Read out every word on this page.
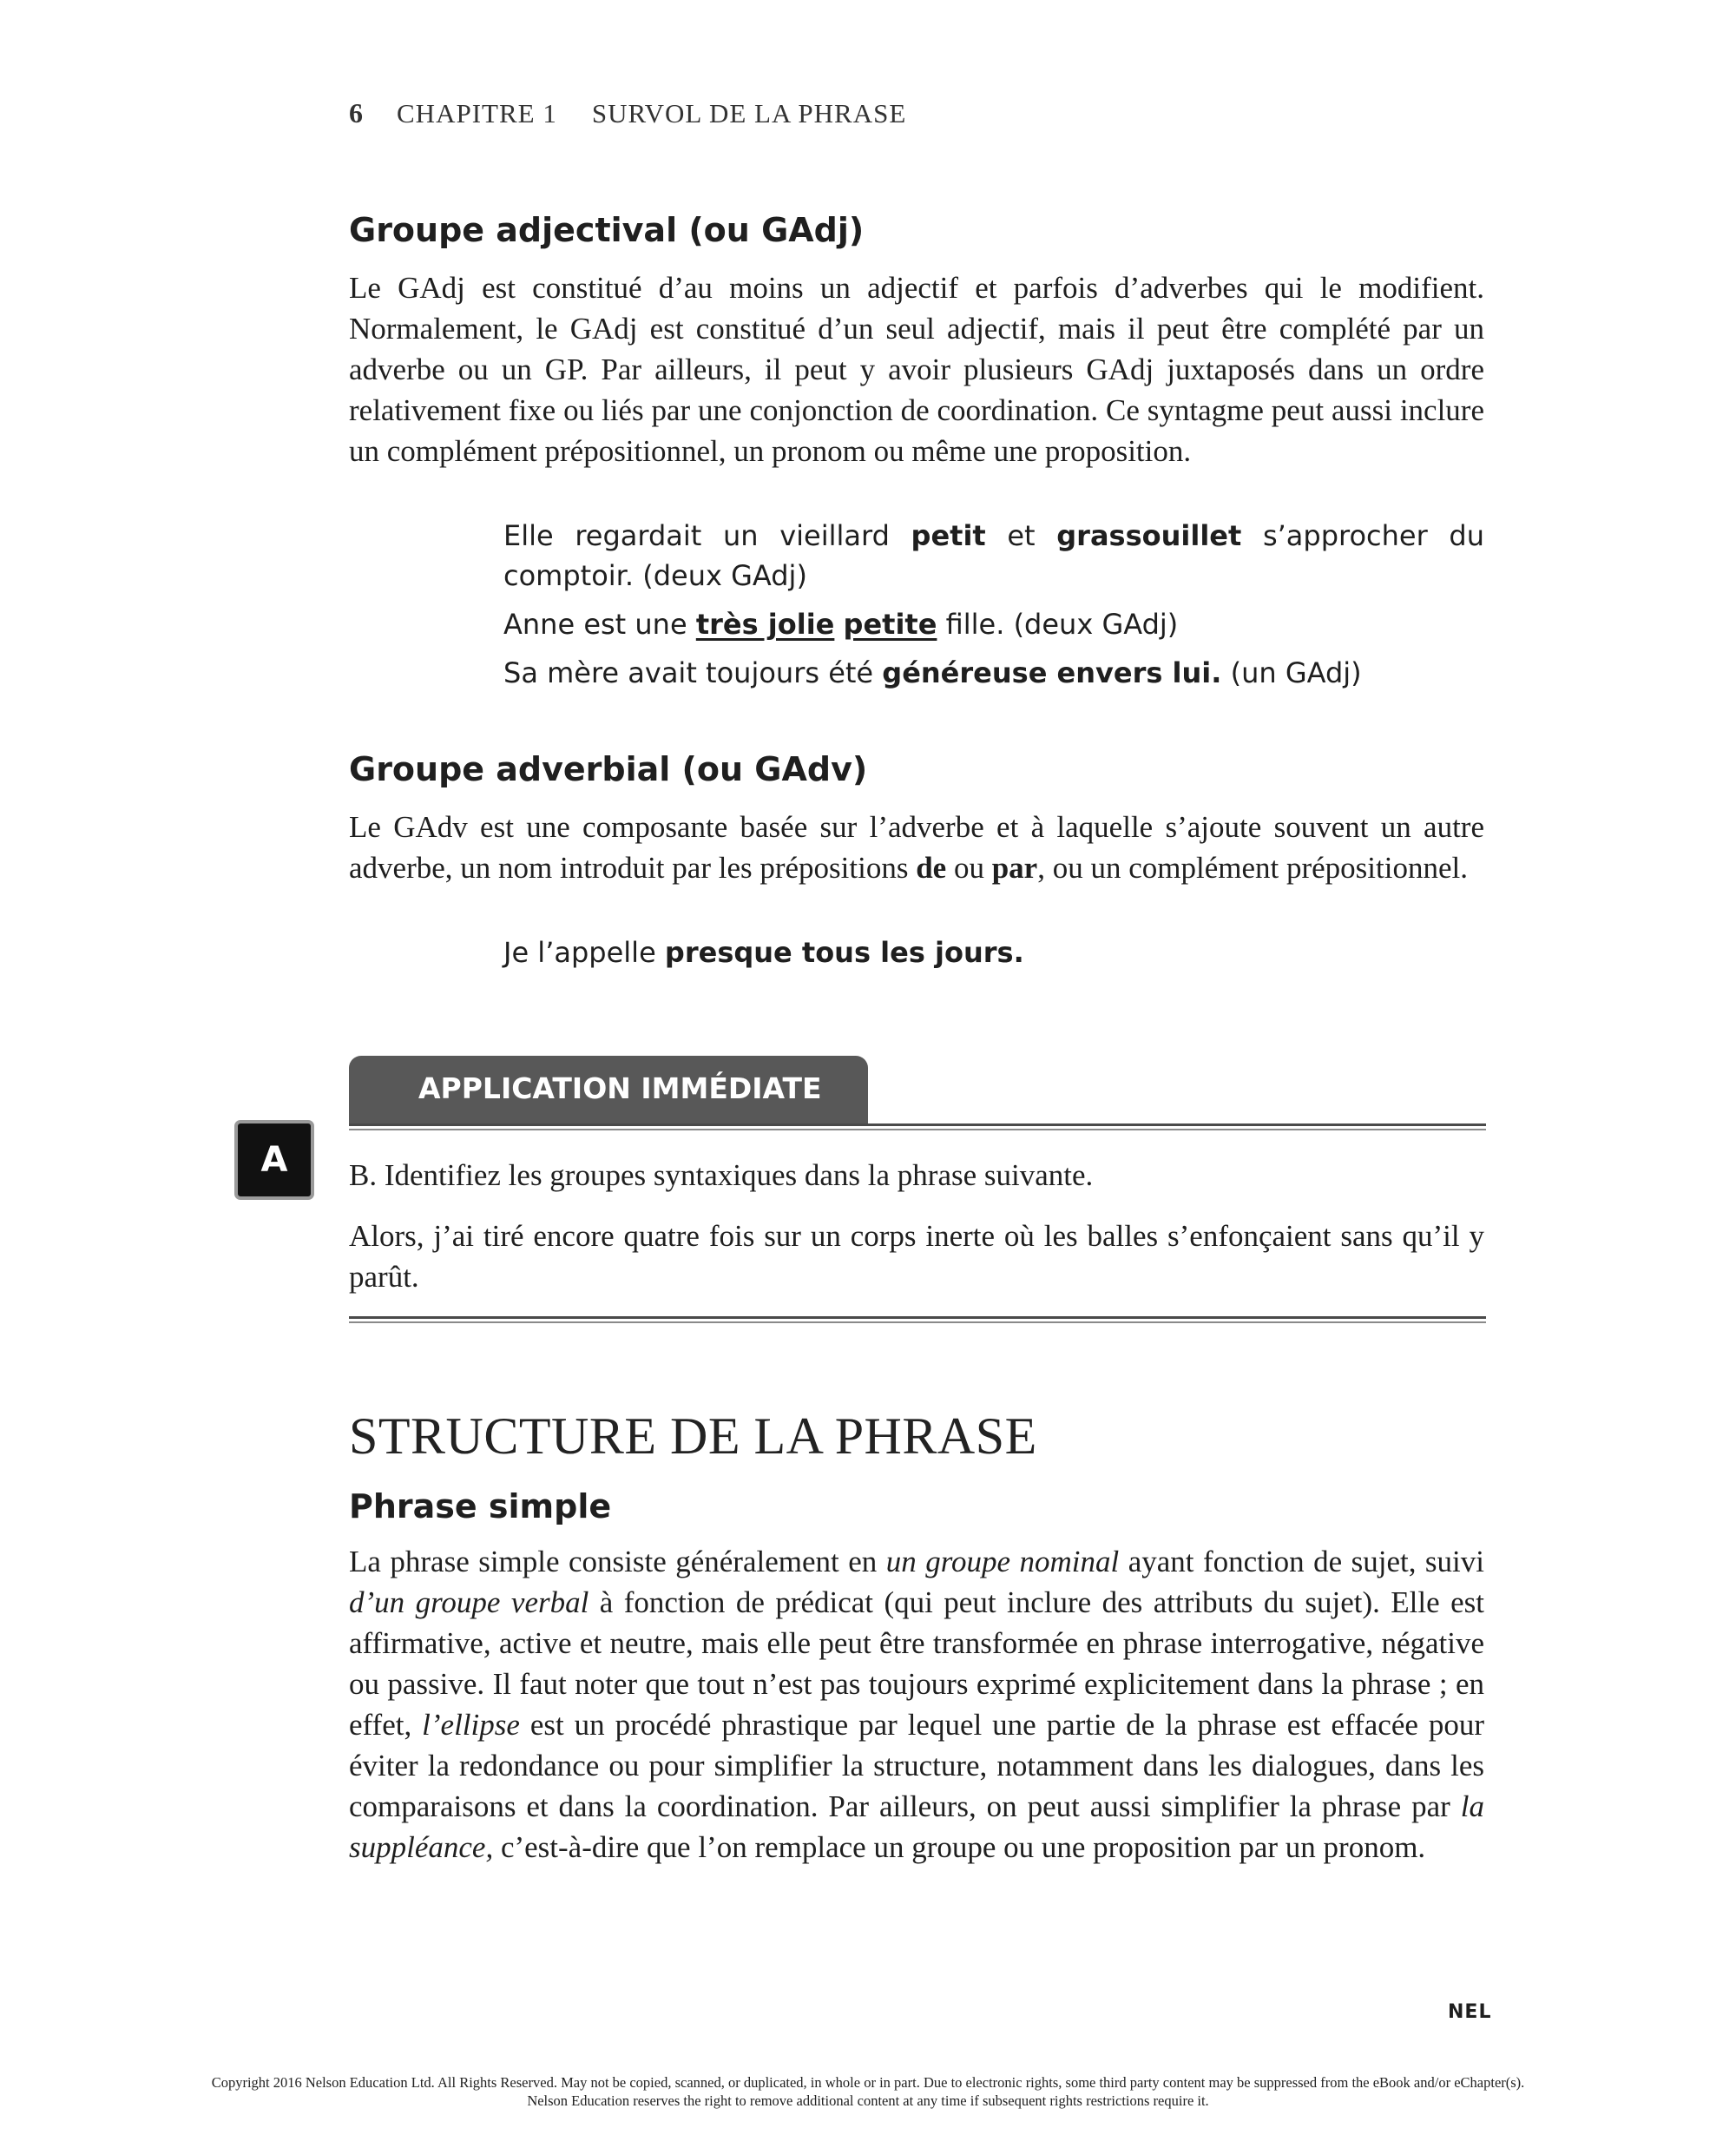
6 CHAPITRE 1 SURVOL DE LA PHRASE
Groupe adjectival (ou GAdj)

Le GAdj est constitué d’au moins un adjectif et parfois d’adverbes qui le modifient. Normalement, le GAdj est constitué d’un seul adjectif, mais il peut être complété par un adverbe ou un GP. Par ailleurs, il peut y avoir plusieurs GAdj juxtaposés dans un ordre relativement fixe ou liés par une conjonction de coordination. Ce syntagme peut aussi inclure un complément prépositionnel, un pronom ou même une proposition.

Elle regardait un vieillard petit et grassouillet s’approcher du comptoir. (deux GAdj)

Anne est une très jolie petite fille. (deux GAdj)

Sa mère avait toujours été généreuse envers lui. (un GAdj)

Groupe adverbial (ou GAdv)

Le GAdv est une composante basée sur l’adverbe et à laquelle s’ajoute souvent un autre adverbe, un nom introduit par les prépositions de ou par, ou un complément prépositionnel.

Je l’appelle presque tous les jours.

APPLICATION IMMÉDIATE
A	B. Identifiez les groupes syntaxiques dans la phrase suivante.

Alors, j’ai tiré encore quatre fois sur un corps inerte où les balles s’enfonçaient sans qu’il y parût.

STRUCTURE DE LA PHRASE
Phrase simple

La phrase simple consiste généralement en un groupe nominal ayant fonction de sujet, suivi d’un groupe verbal à fonction de prédicat (qui peut inclure des attributs du sujet). Elle est affirmative, active et neutre, mais elle peut être transformée en phrase interrogative, négative ou passive. Il faut noter que tout n’est pas toujours exprimé explicitement dans la phrase ; en effet, l’ellipse est un procédé phrastique par lequel une partie de la phrase est effacée pour éviter la redondance ou pour simplifier la structure, notamment dans les dialogues, dans les comparaisons et dans la coordination. Par ailleurs, on peut aussi simplifier la phrase par la suppléance, c’est-à-dire que l’on remplace un groupe ou une proposition par un pronom.

NEL
Copyright 2016 Nelson Education Ltd. All Rights Reserved. May not be copied, scanned, or duplicated, in whole or in part. Due to electronic rights, some third party content may be suppressed from the eBook and/or eChapter(s).
Nelson Education reserves the right to remove additional content at any time if subsequent rights restrictions require it.
